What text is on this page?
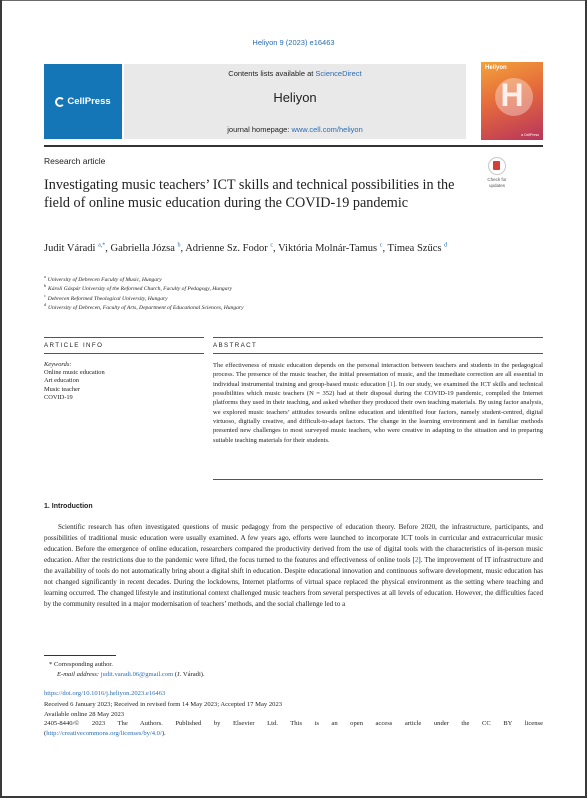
Heliyon 9 (2023) e16463
CellPress
Contents lists available at ScienceDirect
Heliyon
journal homepage: www.cell.com/heliyon
Heliyon
H
a CellPress
Research article
Investigating music teachers’ ICT skills and technical possibilities in the field of online music education during the COVID-19 pandemic
Check for
updates
Judit Váradi $^{a,*}$, Gabriella Józsa $^b$, Adrienne Sz. Fodor $^c$, Viktória Molnár-Tamus $^c$, Tímea Szűcs $^d$
$^a$University of Debrecen Faculty of Music, Hungary
$^b$Károli Gáspár University of the Reformed Church, Faculty of Pedagogy, Hungary
$^c$Debrecen Reformed Theological University, Hungary
$^d$University of Debrecen, Faculty of Arts, Department of Educational Sciences, Hungary
ARTICLE INFO	ABSTRACT
Keywords:
Online music education
Art education
Music teacher
COVID-19
The effectiveness of music education depends on the personal interaction between teachers and students in the pedagogical process. The presence of the music teacher, the initial presentation of music, and the immediate correction are all essential in individual instrumental training and group-based music education [1]. In our study, we examined the ICT skills and technical possibilities which music teachers (N = 352) had at their disposal during the COVID-19 pandemic, compiled the Internet platforms they used in their teaching, and asked whether they produced their own teaching materials. By using factor analysis, we explored music teachers’ attitudes towards online education and identified four factors, namely student-centred, digital virtuoso, digitally creative, and difficult-to-adapt factors. The change in the learning environment and in familiar methods presented new challenges to most surveyed music teachers, who were creative in adapting to the situation and in preparing suitable teaching materials for their students.
1. Introduction
Scientific research has often investigated questions of music pedagogy from the perspective of education theory. Before 2020, the infrastructure, participants, and possibilities of traditional music education were usually examined. A few years ago, efforts were launched to incorporate ICT tools in curricular and extracurricular music education. Before the emergence of online education, researchers compared the productivity derived from the use of digital tools with the characteristics of in-person music education. After the restrictions due to the pandemic were lifted, the focus turned to the features and effectiveness of online tools [2]. The improvement of IT infrastructure and the availability of tools do not automatically bring about a digital shift in education. Despite educational innovation and continuous software development, music education has not changed significantly in recent decades. During the lockdowns, Internet platforms of virtual space replaced the physical environment as the setting where teaching and learning occurred. The changed lifestyle and institutional context challenged music teachers from several perspectives at all levels of education. However, the difficulties faced by the community resulted in a major modernisation of teachers’ methods, and the social challenge led to a
* Corresponding author.
E-mail address: judit.varadi.06@gmail.com (J. Váradi).
https://doi.org/10.1016/j.heliyon.2023.e16463
Received 6 January 2023; Received in revised form 14 May 2023; Accepted 17 May 2023
Available online 28 May 2023
2405-8440/© 2023 The Authors. Published by Elsevier Ltd. This is an open access article under the CC BY license
(http://creativecommons.org/licenses/by/4.0/).
